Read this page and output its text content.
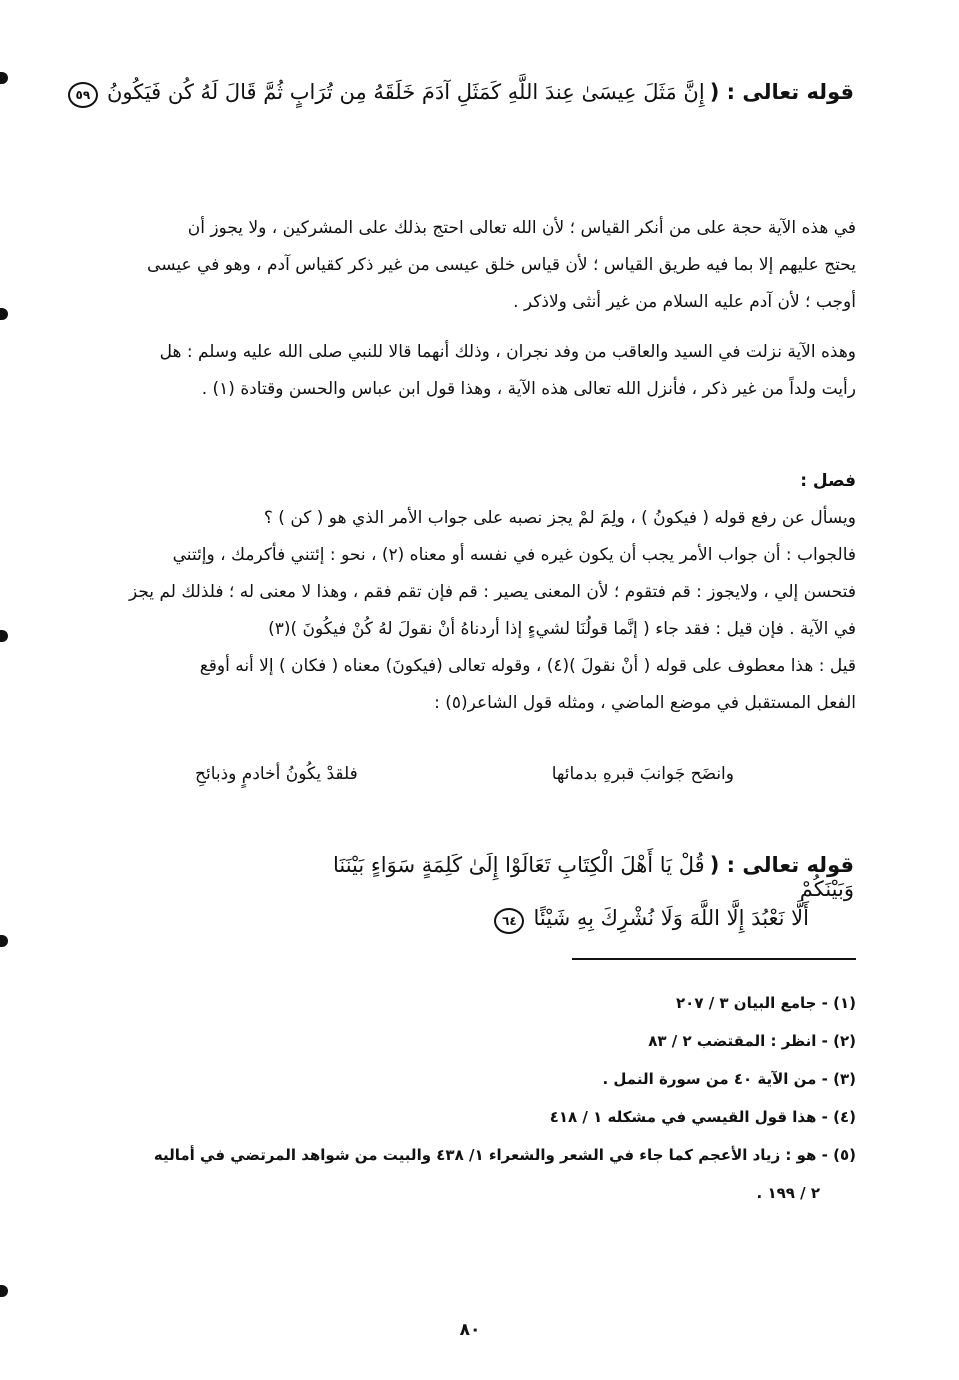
قوله تعالى : ( إِنَّ مَثَلَ عِيسَىٰ عِندَ اللَّهِ كَمَثَلِ آدَمَ خَلَقَهُ مِن تُرَابٍ ثُمَّ قَالَ لَهُ كُن فَيَكُونُ ٥٩
في هذه الآية حجة على من أنكر القياس ؛ لأن الله تعالى احتج بذلك على المشركين ، ولا يجوز أن
يحتج عليهم إلا بما فيه طريق القياس ؛ لأن قياس خلق عيسى من غير ذكر كقياس آدم ، وهو في عيسى
أوجب ؛ لأن آدم عليه السلام من غير أنثى ولاذكر .
وهذه الآية نزلت في السيد والعاقب من وفد نجران ، وذلك أنهما قالا للنبي صلى الله عليه وسلم : هل
رأيت ولداً من غير ذكر ، فأنزل الله تعالى هذه الآية ، وهذا قول ابن عباس والحسن وقتادة (١) .
فصل :
ويسأل عن رفع قوله ( فيكونُ ) ، ولِمَ لمْ يجز نصبه على جواب الأمر الذي هو ( كن ) ؟
فالجواب : أن جواب الأمر يجب أن يكون غيره في نفسه أو معناه (٢) ، نحو : إئتني فأكرمك ، وإئتني
فتحسن إلي ، ولايجوز : قم فتقوم ؛ لأن المعنى يصير : قم فإن تقم فقم ، وهذا لا معنى له ؛ فلذلك لم يجز
في الآية . فإن قيل : فقد جاء ( إنَّما قولُنَا لشيءٍ إذا أردناهُ أنْ نقولَ لهُ كُنْ فيكُونَ )(٣)
قيل : هذا معطوف على قوله ( أنْ نقولَ )(٤) ، وقوله تعالى (فيكونَ) معناه ( فكان ) إلا أنه أوقع
الفعل المستقبل في موضع الماضي ، ومثله قول الشاعر(٥) :
وانضَح جَوانبَ قبرهِ بدمائها
فلقدْ يكُونُ أخادمٍ وذبائحِ
قوله تعالى : ( قُلْ يَا أَهْلَ الْكِتَابِ تَعَالَوْا إِلَىٰ كَلِمَةٍ سَوَاءٍ بَيْنَنَا وَبَيْنَكُمْ
أَلَّا نَعْبُدَ إِلَّا اللَّهَ وَلَا نُشْرِكَ بِهِ شَيْئًا ٦٤
(١) - جامع البيان ٣ / ٢٠٧
(٢) - انظر : المقتضب ٢ / ٨٣
(٣) - من الآية ٤٠ من سورة النمل .
(٤) - هذا قول القيسي في مشكله ١ / ٤١٨
(٥) - هو : زياد الأعجم كما جاء في الشعر والشعراء ١/ ٤٣٨ والبيت من شواهد المرتضي في أماليه
٢ / ١٩٩ .
٨٠
